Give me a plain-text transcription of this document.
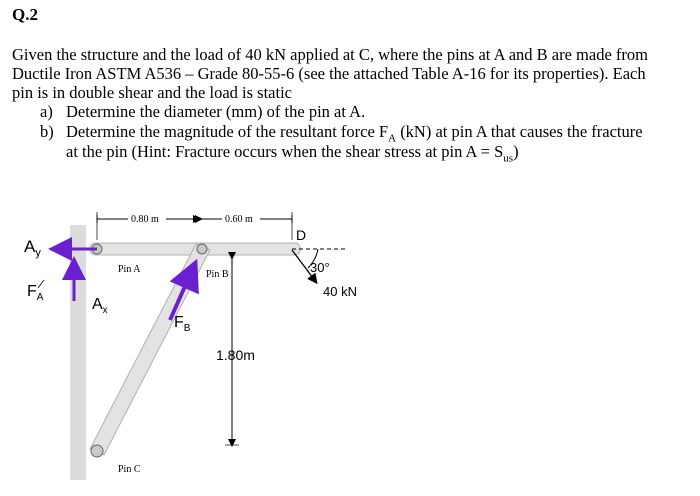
Q.2
Given the structure and the load of 40 kN applied at C, where the pins at A and B are made from
Ductile Iron ASTM A536 – Grade 80-55-6 (see the attached Table A-16 for its properties). Each
pin is in double shear and the load is static
a) Determine the diameter (mm) of the pin at A.
b) Determine the magnitude of the resultant force $F_A$ (kN) at pin A that causes the fracture
at the pin (Hint: Fracture occurs when the shear stress at pin $A = S_{us}$)
0.80 m	0.60 m
Pin A	Pin B
Pin C
D
30°
40 kN
1.80m
$A_y$
$F_A$	$A_x$
$F_B$
